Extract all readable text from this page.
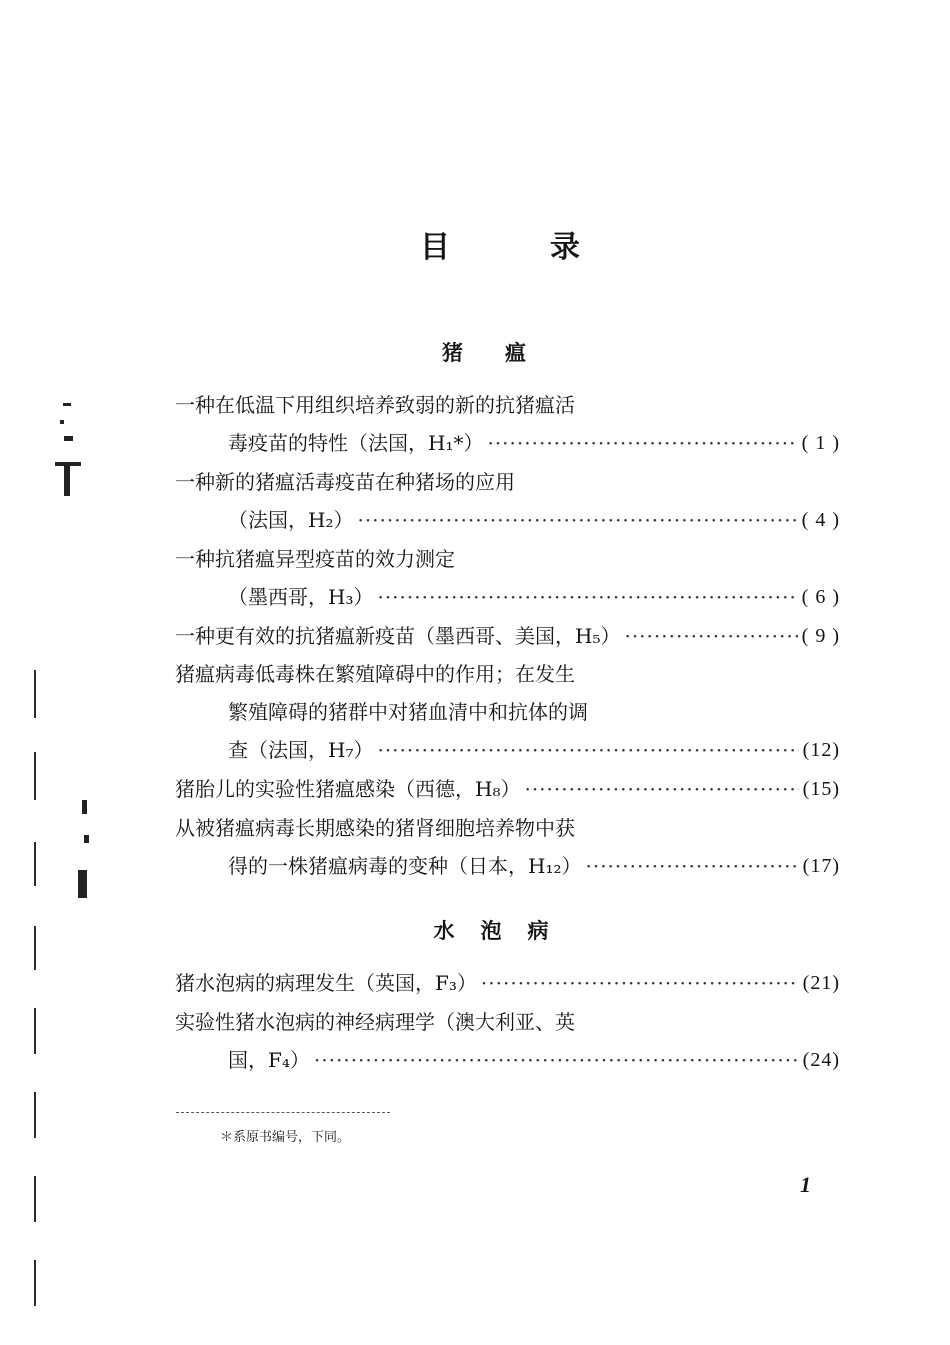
目录
猪瘟
一种在低温下用组织培养致弱的新的抗猪瘟活
毒疫苗的特性（法国，H₁*） ·····	( 1 )
一种新的猪瘟活毒疫苗在种猪场的应用
（法国，H₂） ·····	( 4 )
一种抗猪瘟异型疫苗的效力测定
（墨西哥，H₃） ·····	( 6 )
一种更有效的抗猪瘟新疫苗（墨西哥、美国，H₅） ·····	( 9 )
猪瘟病毒低毒株在繁殖障碍中的作用；在发生
繁殖障碍的猪群中对猪血清中和抗体的调
查（法国，H₇） ·····	(12)
猪胎儿的实验性猪瘟感染（西德，H₈） ·····	(15)
从被猪瘟病毒长期感染的猪肾细胞培养物中获
得的一株猪瘟病毒的变种（日本，H₁₂） ·····	(17)
水泡病
猪水泡病的病理发生（英国，F₃） ·····	(21)
实验性猪水泡病的神经病理学（澳大利亚、英
国，F₄） ·····	(24)
＊系原书编号，下同。
1
